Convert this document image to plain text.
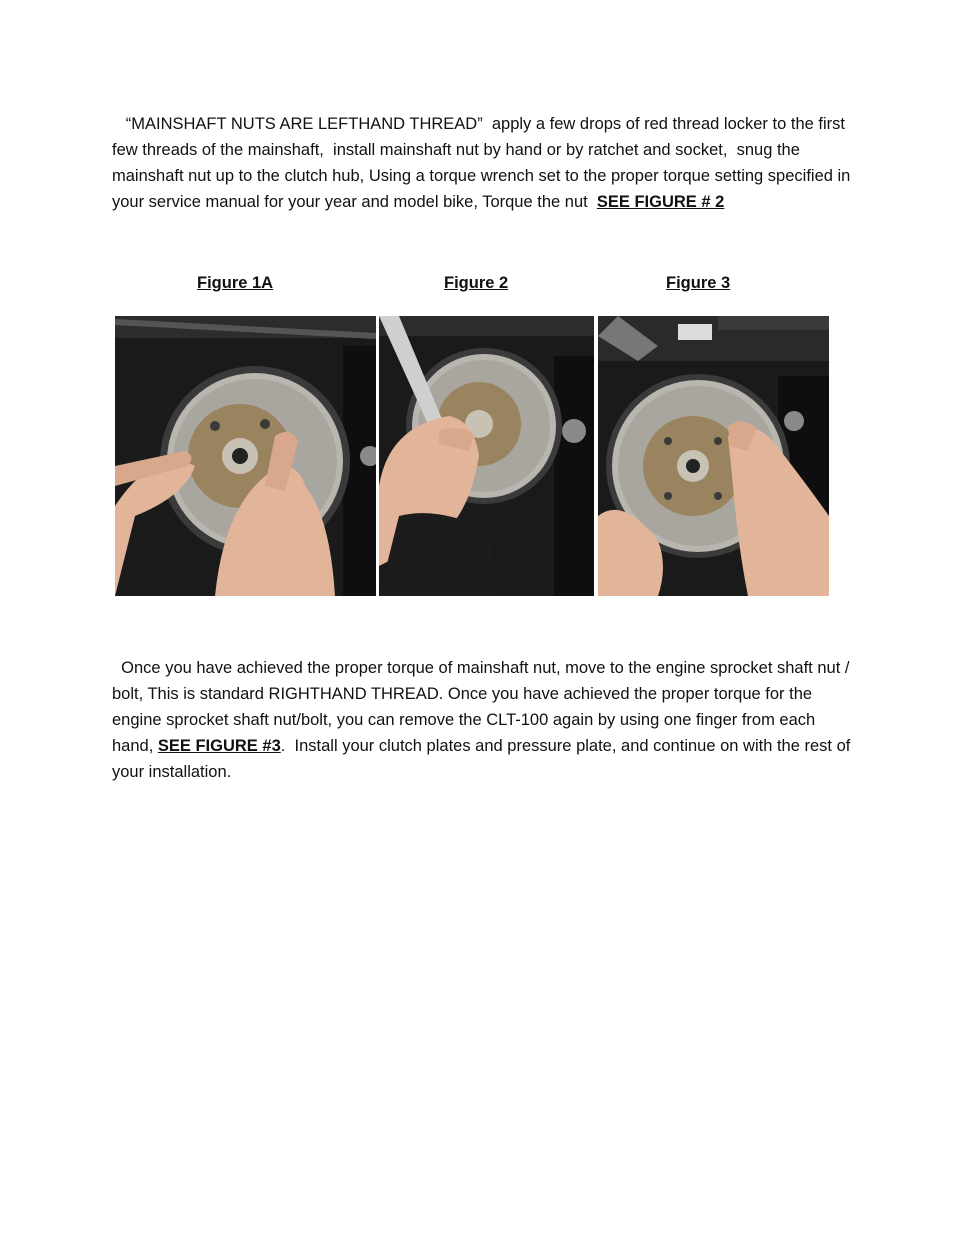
“MAINSHAFT NUTS ARE LEFTHAND THREAD”  apply a few drops of red thread locker to the first few threads of the mainshaft,  install mainshaft nut by hand or by ratchet and socket,  snug the mainshaft nut up to the clutch hub, Using a torque wrench set to the proper torque setting specified in your service manual for your year and model bike, Torque the nut  SEE FIGURE # 2

Figure 1A	Figure 2	Figure 3

Once you have achieved the proper torque of mainshaft nut, move to the engine sprocket shaft nut / bolt, This is standard RIGHTHAND THREAD. Once you have achieved the proper torque for the engine sprocket shaft nut/bolt, you can remove the CLT-100 again by using one finger from each hand, SEE FIGURE #3.  Install your clutch plates and pressure plate, and continue on with the rest of your installation.
